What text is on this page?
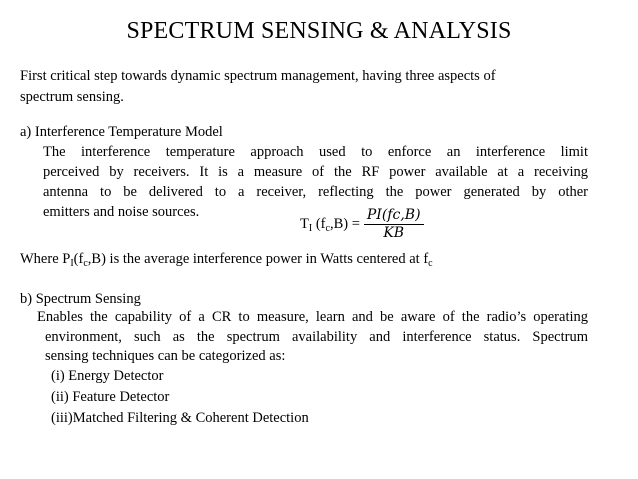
SPECTRUM SENSING & ANALYSIS
First critical step towards dynamic spectrum management, having three aspects of
spectrum sensing.
a) Interference Temperature Model
The interference temperature approach used to enforce an interference limit
perceived by receivers. It is a measure of the RF power available at a receiving
antenna to be delivered to a receiver, reflecting the power generated by other
emitters and noise sources.
$T_I$ $(f_c,B) = \frac{PI(fc,B)}{KB}$
Where $P_I(f_c,B)$ is the average interference power in Watts centered at $f_c$
b) Spectrum Sensing
Enables the capability of a CR to measure, learn and be aware of the radio’s operating
environment, such as the spectrum availability and interference status. Spectrum
sensing techniques can be categorized as:
(i) Energy Detector
(ii) Feature Detector
(iii)Matched Filtering & Coherent Detection
